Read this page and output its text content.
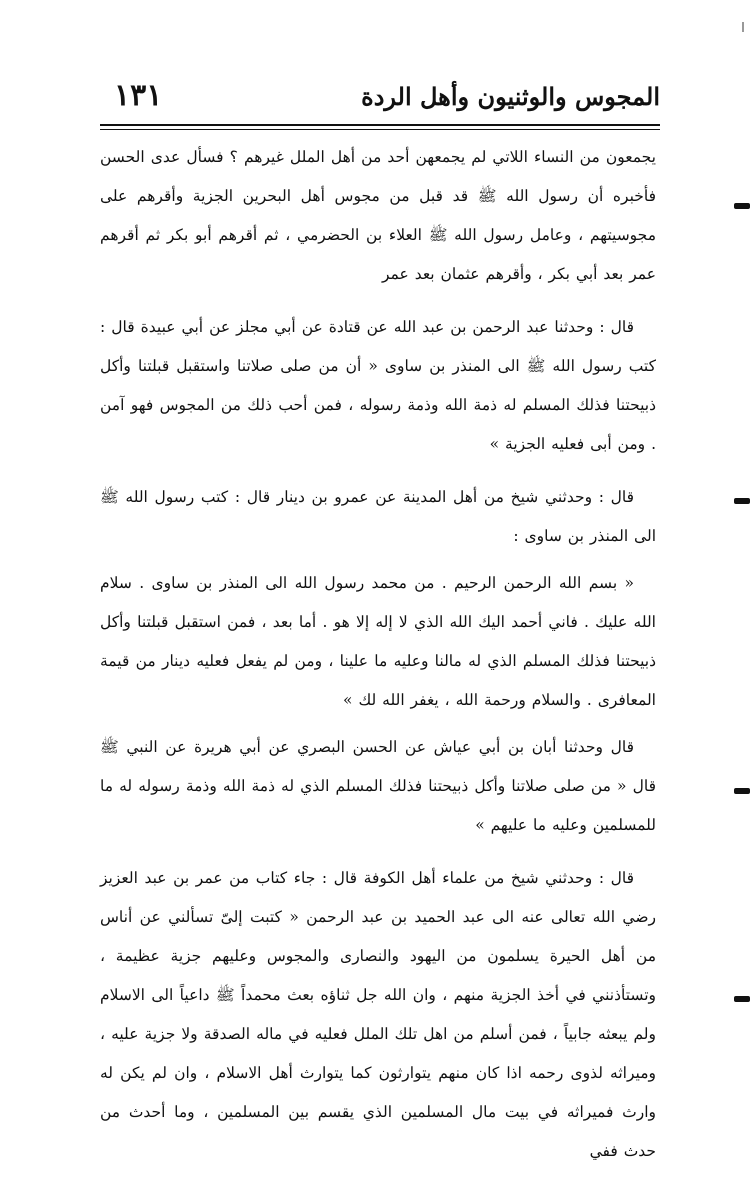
المجوس والوثنيون وأهل الردة
١٣١

يجمعون من النساء اللاتي لم يجمعهن أحد من أهل الملل غيرهم ؟ فسأل عدى الحسن فأخبره أن رسول الله ﷺ قد قبل من مجوس أهل البحرين الجزية وأقرهم على مجوسيتهم ، وعامل رسول الله ﷺ العلاء بن الحضرمي ، ثم أقرهم أبو بكر ثم أقرهم عمر بعد أبي بكر ، وأقرهم عثمان بعد عمر

قال : وحدثنا عبد الرحمن بن عبد الله عن قتادة عن أبي مجلز عن أبي عبيدة قال : كتب رسول الله ﷺ الى المنذر بن ساوى « أن من صلى صلاتنا واستقبل قبلتنا وأكل ذبيحتنا فذلك المسلم له ذمة الله وذمة رسوله ، فمن أحب ذلك من المجوس فهو آمن . ومن أبى فعليه الجزية »

قال : وحدثني شيخ من أهل المدينة عن عمرو بن دينار قال : كتب رسول الله ﷺ الى المنذر بن ساوى :

« بسم الله الرحمن الرحيم . من محمد رسول الله الى المنذر بن ساوى . سلام الله عليك . فاني أحمد اليك الله الذي لا إله إلا هو . أما بعد ، فمن استقبل قبلتنا وأكل ذبيحتنا فذلك المسلم الذي له مالنا وعليه ما علينا ، ومن لم يفعل فعليه دينار من قيمة المعافرى . والسلام ورحمة الله ، يغفر الله لك »

قال وحدثنا أبان بن أبي عياش عن الحسن البصري عن أبي هريرة عن النبي ﷺ قال « من صلى صلاتنا وأكل ذبيحتنا فذلك المسلم الذي له ذمة الله وذمة رسوله له ما للمسلمين وعليه ما عليهم »

قال : وحدثني شيخ من علماء أهل الكوفة قال : جاء كتاب من عمر بن عبد العزيز رضي الله تعالى عنه الى عبد الحميد بن عبد الرحمن « كتبت إلىّ تسألني عن أناس من أهل الحيرة يسلمون من اليهود والنصارى والمجوس وعليهم جزية عظيمة ، وتستأذنني في أخذ الجزية منهم ، وان الله جل ثناؤه بعث محمداً ﷺ داعياً الى الاسلام ولم يبعثه جابياً ، فمن أسلم من اهل تلك الملل فعليه في ماله الصدقة ولا جزية عليه ، وميراثه لذوى رحمه اذا كان منهم يتوارثون كما يتوارث أهل الاسلام ، وان لم يكن له وارث فميراثه في بيت مال المسلمين الذي يقسم بين المسلمين ، وما أحدث من حدث ففي
